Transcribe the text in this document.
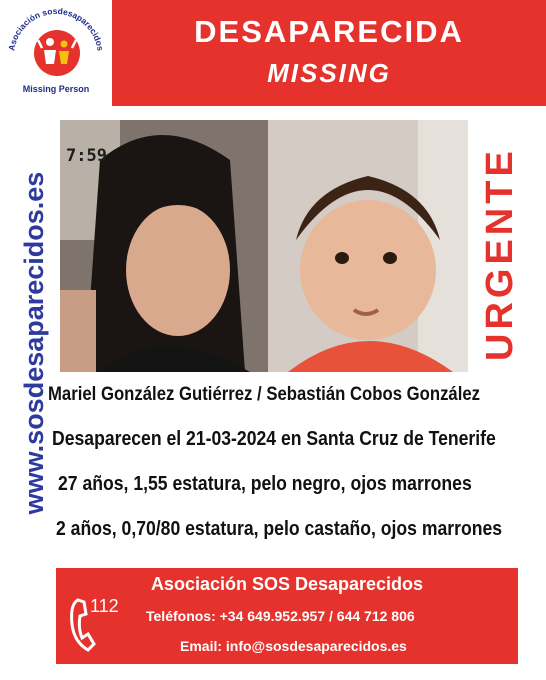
Asociación sosdesaparecidos
Missing Person
DESAPARECIDA
MISSING
www.sosdesaparecidos.es
7:59	URGENTE
Mariel González Gutiérrez / Sebastián Cobos González
Desaparecen el 21-03-2024 en Santa Cruz de Tenerife
27 años, 1,55 estatura, pelo negro, ojos marrones
2 años, 0,70/80 estatura, pelo castaño, ojos marrones
Asociación SOS Desaparecidos
112 Teléfonos: +34 649.952.957 / 644 712 806
Email: info@sosdesaparecidos.es
